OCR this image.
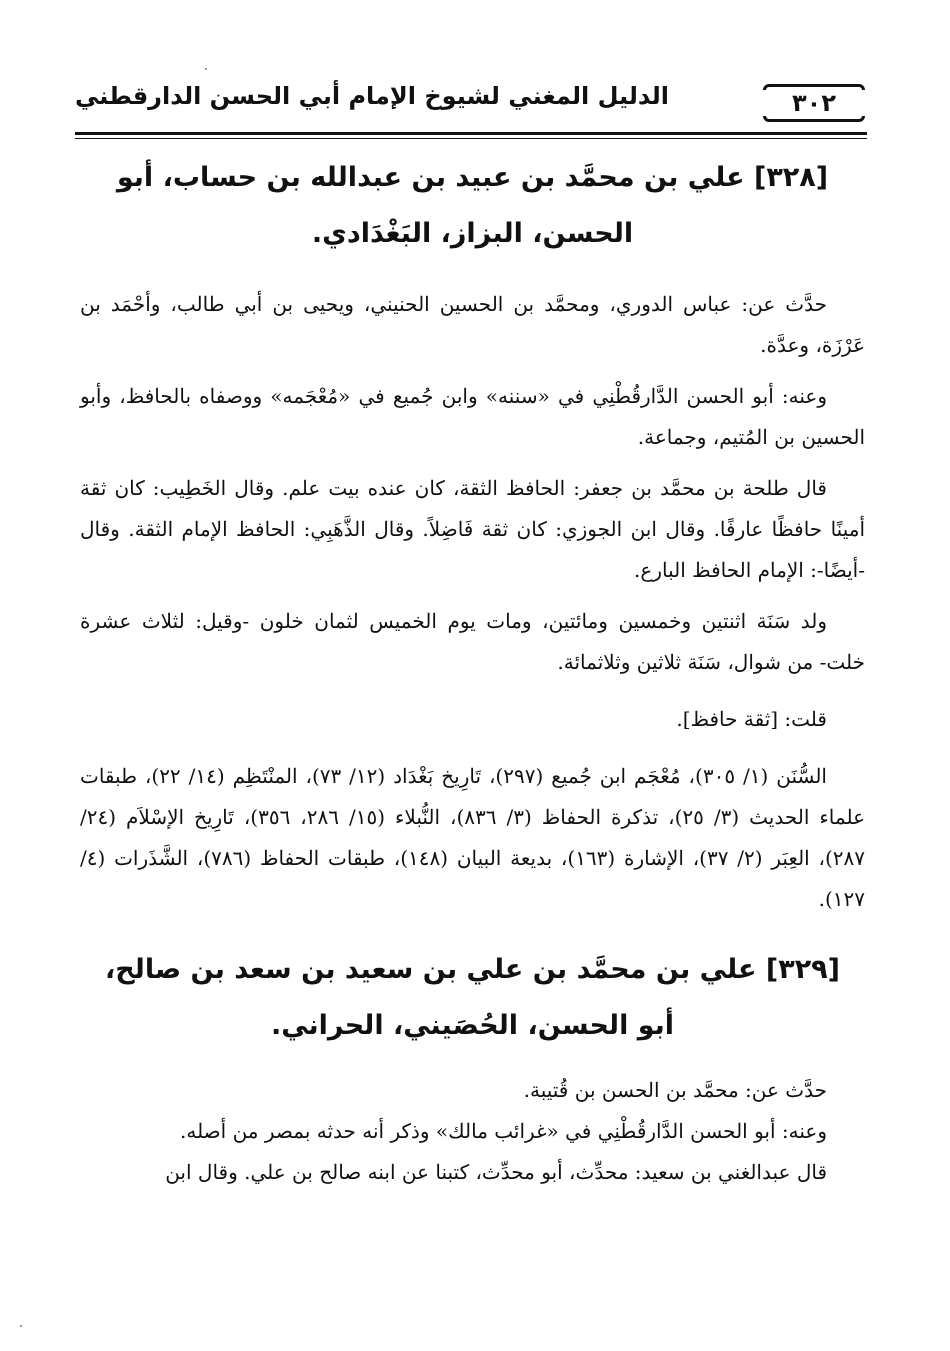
٣٠٢
الدليل المغني لشيوخ الإمام أبي الحسن الدارقطني
[٣٢٨] علي بن محمَّد بن عبيد بن عبدالله بن حساب، أبو الحسن، البزاز، البَغْدَادي.

حدَّث عن: عباس الدوري، ومحمَّد بن الحسين الحنيني، ويحيى بن أبي طالب، وأحْمَد بن عَرْزَة، وعدَّة.

وعنه: أبو الحسن الدَّارقُطْنِي في «سننه» وابن جُميع في «مُعْجَمه» ووصفاه بالحافظ، وأبو الحسين بن المُتيم، وجماعة.

قال طلحة بن محمَّد بن جعفر: الحافظ الثقة، كان عنده بيت علم. وقال الخَطِيب: كان ثقة أمينًا حافظًا عارفًا. وقال ابن الجوزي: كان ثقة فَاضِلاً. وقال الذَّهَبِي: الحافظ الإمام الثقة. وقال -أيضًا-: الإمام الحافظ البارع.

ولد سَنَة اثنتين وخمسين ومائتين، ومات يوم الخميس لثمان خلون -وقيل: لثلاث عشرة خلت- من شوال، سَنَة ثلاثين وثلاثمائة.

قلت: [ثقة حافظ].

السُّنَن (١/ ٣٠٥)، مُعْجَم ابن جُميع (٢٩٧)، تَارِيخ بَغْدَاد (١٢/ ٧٣)، المنْتَظِم (١٤/ ٢٢)، طبقات علماء الحديث (٣/ ٢٥)، تذكرة الحفاظ (٣/ ٨٣٦)، النُّبلاء (١٥/ ٢٨٦، ٣٥٦)، تَارِيخ الإسْلاَم (٢٤/ ٢٨٧)، العِبَر (٢/ ٣٧)، الإشارة (١٦٣)، بديعة البيان (١٤٨)، طبقات الحفاظ (٧٨٦)، الشَّذَرات (٤/ ١٢٧).

[٣٢٩] علي بن محمَّد بن علي بن سعيد بن سعد بن صالح، أبو الحسن، الحُصَيني، الحراني.

حدَّث عن: محمَّد بن الحسن بن قُتيبة.

وعنه: أبو الحسن الدَّارقُطْنِي في «غرائب مالك» وذكر أنه حدثه بمصر من أصله.

قال عبدالغني بن سعيد: محدِّث، أبو محدِّث، كتبنا عن ابنه صالح بن علي. وقال ابن
